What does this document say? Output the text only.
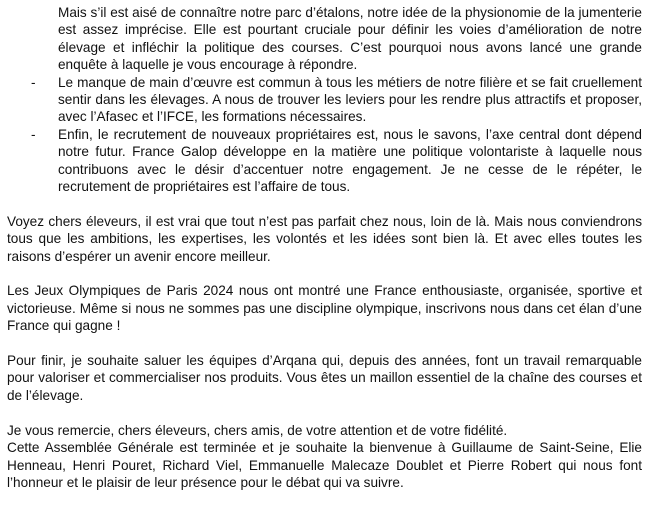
Mais s’il est aisé de connaître notre parc d’étalons, notre idée de la physionomie de la jumenterie est assez imprécise. Elle est pourtant cruciale pour définir les voies d’amélioration de notre élevage et infléchir la politique des courses. C’est pourquoi nous avons lancé une grande enquête à laquelle je vous encourage à répondre.

- Le manque de main d’œuvre est commun à tous les métiers de notre filière et se fait cruellement sentir dans les élevages. A nous de trouver les leviers pour les rendre plus attractifs et proposer, avec l’Afasec et l’IFCE, les formations nécessaires.
- Enfin, le recrutement de nouveaux propriétaires est, nous le savons, l’axe central dont dépend notre futur. France Galop développe en la matière une politique volontariste à laquelle nous contribuons avec le désir d’accentuer notre engagement. Je ne cesse de le répéter, le recrutement de propriétaires est l’affaire de tous.

Voyez chers éleveurs, il est vrai que tout n’est pas parfait chez nous, loin de là. Mais nous conviendrons tous que les ambitions, les expertises, les volontés et les idées sont bien là. Et avec elles toutes les raisons d’espérer un avenir encore meilleur.

Les Jeux Olympiques de Paris 2024 nous ont montré une France enthousiaste, organisée, sportive et victorieuse. Même si nous ne sommes pas une discipline olympique, inscrivons nous dans cet élan d’une France qui gagne !

Pour finir, je souhaite saluer les équipes d’Arqana qui, depuis des années, font un travail remarquable pour valoriser et commercialiser nos produits. Vous êtes un maillon essentiel de la chaîne des courses et de l’élevage.

Je vous remercie, chers éleveurs, chers amis, de votre attention et de votre fidélité.

Cette Assemblée Générale est terminée et je souhaite la bienvenue à Guillaume de Saint-Seine, Elie Henneau, Henri Pouret, Richard Viel, Emmanuelle Malecaze Doublet et Pierre Robert qui nous font l’honneur et le plaisir de leur présence pour le débat qui va suivre.
